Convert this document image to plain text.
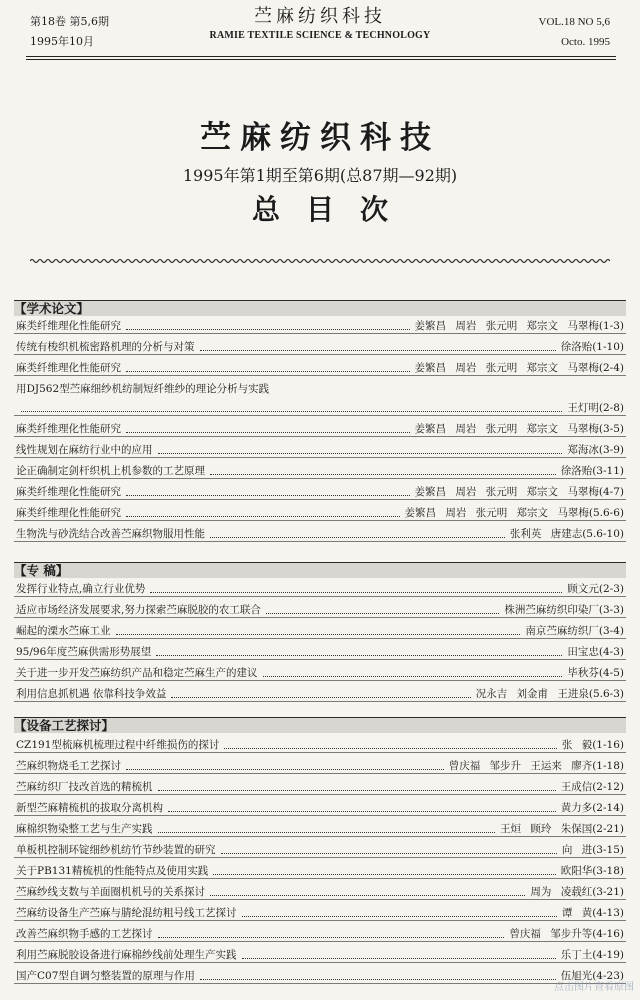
第18卷 第5,6期
1995年10月
苎麻纺织科技
RAMIE TEXTILE SCIENCE & TECHNOLOGY
VOL.18 NO 5,6
Octo. 1995
苎麻纺织科技
1995年第1期至第6期(总87期—92期)
总目次
【学术论文】
麻类纤维理化性能研究	姜繁昌 周岩 张元明 郑宗文 马翠梅(1-3)
传统有梭织机梳密路机理的分析与对策	徐洛贻(1-10)
麻类纤维理化性能研究	姜繁昌 周岩 张元明 郑宗文 马翠梅(2-4)
用DJ562型苎麻细纱机纺制短纤维纱的理论分析与实践
王灯明(2-8)
麻类纤维理化性能研究	姜繁昌 周岩 张元明 郑宗文 马翠梅(3-5)
线性规划在麻纺行业中的应用	郑海冰(3-9)
论正确制定剑杆织机上机参数的工艺原理	徐洛贻(3-11)
麻类纤维理化性能研究	姜繁昌 周岩 张元明 郑宗文 马翠梅(4-7)
麻类纤维理化性能研究	姜繁昌 周岩 张元明 郑宗文 马翠梅(5.6-6)
生物洗与砂洗结合改善苎麻织物服用性能	张利英 唐建志(5.6-10)
【专 稿】
发挥行业特点,确立行业优势	顾文元(2-3)
适应市场经济发展要求,努力探索苎麻脱胶的农工联合	株洲苎麻纺织印染厂(3-3)
崛起的溧水苎麻工业	南京苎麻纺织厂(3-4)
95/96年度苎麻供需形势展望	田宝忠(4-3)
关于进一步开发苎麻纺织产品和稳定苎麻生产的建议	毕秋芬(4-5)
利用信息抓机遇 依靠科技争效益	况永吉 刘金甫 王进泉(5.6-3)
【设备工艺探讨】
CZ191型梳麻机梳理过程中纤维损伤的探讨	张 毅(1-16)
苎麻织物烧毛工艺探讨	曾庆福 邹步升 王运来 廖齐(1-18)
苎麻纺织厂技改首选的精梳机	王成信(2-12)
新型苎麻精梳机的拔取分离机构	黄力多(2-14)
麻棉织物染整工艺与生产实践	王烜 顾玲 朱保国(2-21)
单板机控制环锭细纱机纺竹节纱装置的研究	向 进(3-15)
关于PB131精梳机的性能特点及使用实践	欧阳华(3-18)
苎麻纱线支数与羊面圈机机号的关系探讨	周为 凌载红(3-21)
苎麻纺设备生产苎麻与腈纶混纺粗号线工艺探讨	谭 黄(4-13)
改善苎麻织物手感的工艺探讨	曾庆福 邹步升等(4-16)
利用苎麻脱胶设备进行麻棉纱线前处理生产实践	乐丁土(4-19)
国产C07型自调匀整装置的原理与作用	伍旭光(4-23)
点击图片查看原图
